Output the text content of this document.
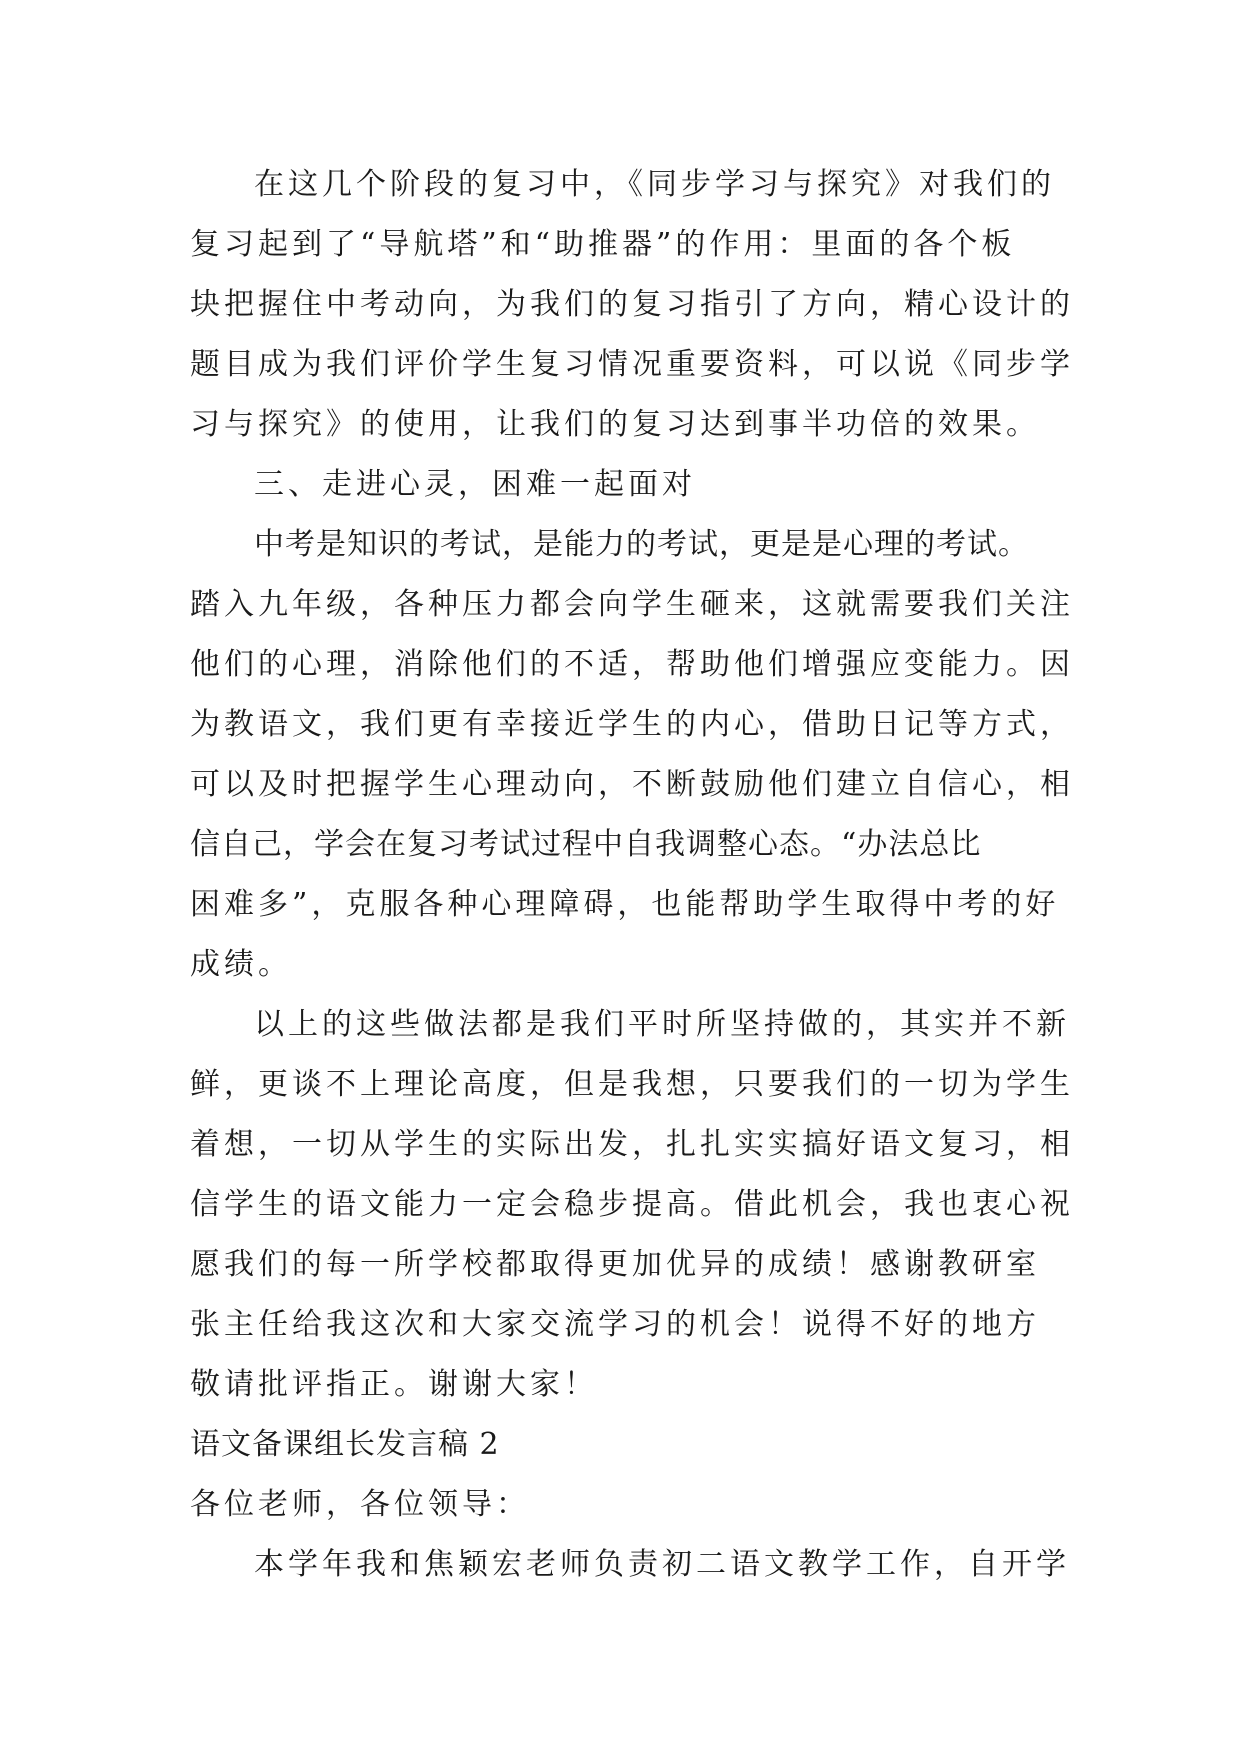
在这几个阶段的复习中，《同步学习与探究》对我们的
复习起到了“导航塔”和“助推器”的作用：里面的各个板
块把握住中考动向，为我们的复习指引了方向，精心设计的
题目成为我们评价学生复习情况重要资料，可以说《同步学
习与探究》的使用，让我们的复习达到事半功倍的效果。
三、走进心灵，困难一起面对
中考是知识的考试，是能力的考试，更是是心理的考试。
踏入九年级，各种压力都会向学生砸来，这就需要我们关注
他们的心理，消除他们的不适，帮助他们增强应变能力。因
为教语文，我们更有幸接近学生的内心，借助日记等方式，
可以及时把握学生心理动向，不断鼓励他们建立自信心，相
信自己，学会在复习考试过程中自我调整心态。“办法总比
困难多”，克服各种心理障碍，也能帮助学生取得中考的好
成绩。
以上的这些做法都是我们平时所坚持做的，其实并不新
鲜，更谈不上理论高度，但是我想，只要我们的一切为学生
着想，一切从学生的实际出发，扎扎实实搞好语文复习，相
信学生的语文能力一定会稳步提高。借此机会，我也衷心祝
愿我们的每一所学校都取得更加优异的成绩！感谢教研室
张主任给我这次和大家交流学习的机会！说得不好的地方
敬请批评指正。谢谢大家！
语文备课组长发言稿 2
各位老师，各位领导：
本学年我和焦颖宏老师负责初二语文教学工作，自开学
